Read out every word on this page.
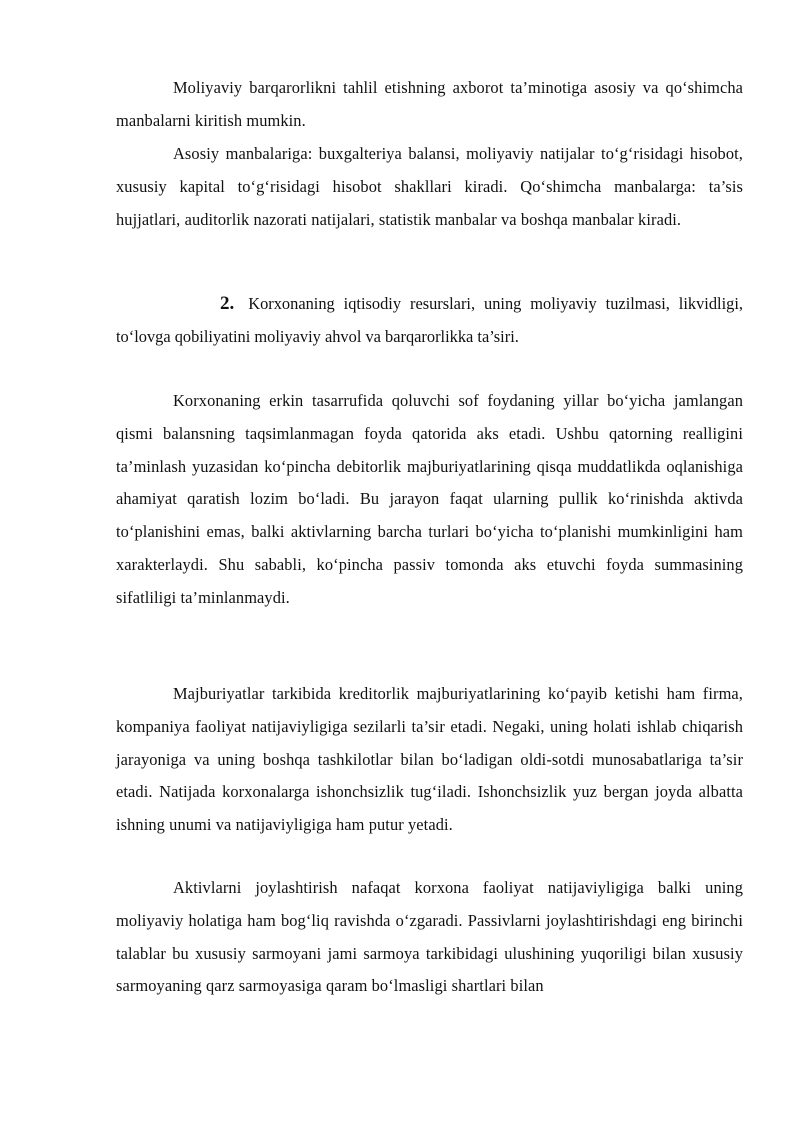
Moliyaviy barqarorlikni tahlil etishning axborot ta’minotiga asosiy va qo‘shimcha manbalarni kiritish mumkin.

Asosiy manbalariga: buxgalteriya balansi, moliyaviy natijalar to‘g‘risidagi hisobot, xususiy kapital to‘g‘risidagi hisobot shakllari kiradi. Qo‘shimcha manbalarga: ta’sis hujjatlari, auditorlik nazorati natijalari, statistik manbalar va boshqa manbalar kiradi.

2. Korxonaning iqtisodiy resurslari, uning moliyaviy tuzilmasi, likvidligi, to‘lovga qobiliyatini moliyaviy ahvol va barqarorlikka ta’siri.

Korxonaning erkin tasarrufida qoluvchi sof foydaning yillar bo‘yicha jamlangan qismi balansning taqsimlanmagan foyda qatorida aks etadi. Ushbu qatorning realligini ta’minlash yuzasidan ko‘pincha debitorlik majburiyatlarining qisqa muddatlikda oqlanishiga ahamiyat qaratish lozim bo‘ladi. Bu jarayon faqat ularning pullik ko‘rinishda aktivda to‘planishini emas, balki aktivlarning barcha turlari bo‘yicha to‘planishi mumkinligini ham xarakterlaydi. Shu sababli, ko‘pincha passiv tomonda aks etuvchi foyda summasining sifatliligi ta’minlanmaydi.

Majburiyatlar tarkibida kreditorlik majburiyatlarining ko‘payib ketishi ham firma, kompaniya faoliyat natijaviyligiga sezilarli ta’sir etadi. Negaki, uning holati ishlab chiqarish jarayoniga va uning boshqa tashkilotlar bilan bo‘ladigan oldi-sotdi munosabatlariga ta’sir etadi. Natijada korxonalarga ishonchsizlik tug‘iladi. Ishonchsizlik yuz bergan joyda albatta ishning unumi va natijaviyligiga ham putur yetadi.

Aktivlarni joylashtirish nafaqat korxona faoliyat natijaviyligiga balki uning moliyaviy holatiga ham bog‘liq ravishda o‘zgaradi. Passivlarni joylashtirishdagi eng birinchi talablar bu xususiy sarmoyani jami sarmoya tarkibidagi ulushining yuqoriligi bilan xususiy sarmoyaning qarz sarmoyasiga qaram bo‘lmasligi shartlari bilan
